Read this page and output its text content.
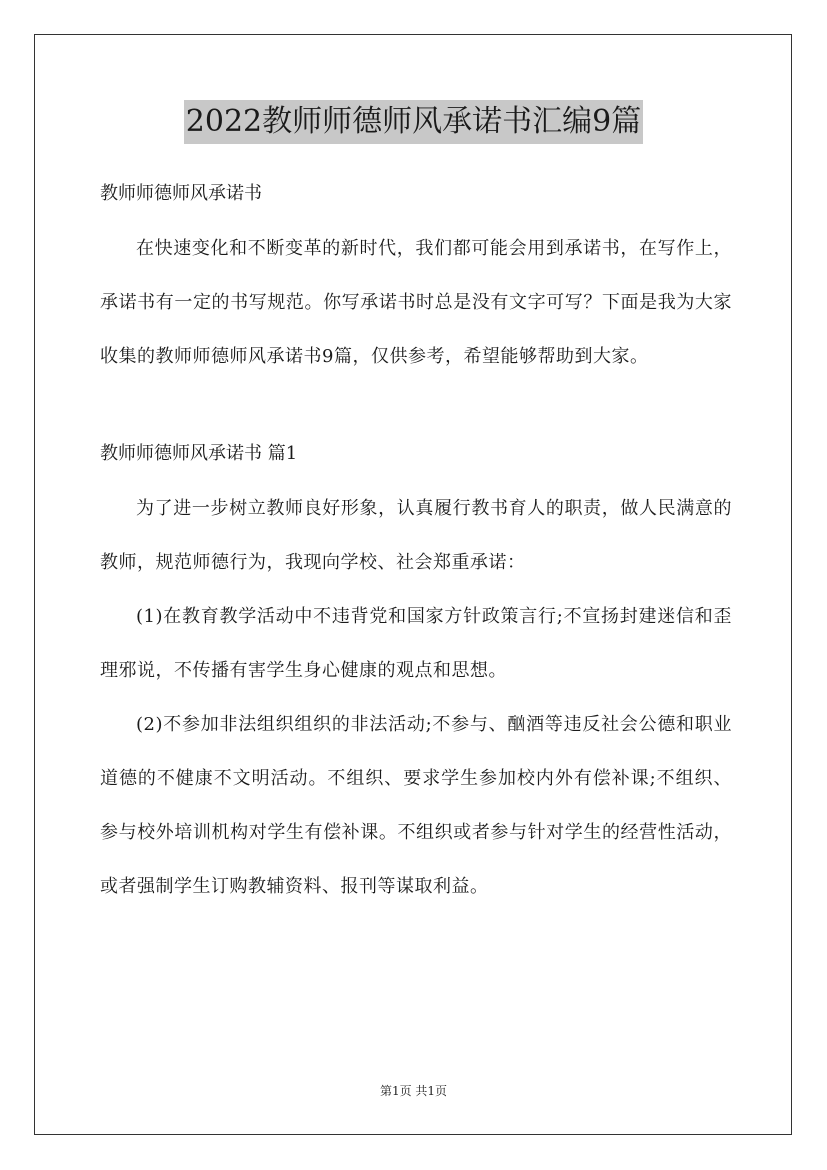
2022教师师德师风承诺书汇编9篇

教师师德师风承诺书

在快速变化和不断变革的新时代，我们都可能会用到承诺书，在写作上，承诺书有一定的书写规范。你写承诺书时总是没有文字可写？下面是我为大家收集的教师师德师风承诺书9篇，仅供参考，希望能够帮助到大家。

教师师德师风承诺书 篇1

为了进一步树立教师良好形象，认真履行教书育人的职责，做人民满意的教师，规范师德行为，我现向学校、社会郑重承诺：

(1)在教育教学活动中不违背党和国家方针政策言行;不宣扬封建迷信和歪理邪说，不传播有害学生身心健康的观点和思想。

(2)不参加非法组织组织的非法活动;不参与、酗酒等违反社会公德和职业道德的不健康不文明活动。不组织、要求学生参加校内外有偿补课;不组织、参与校外培训机构对学生有偿补课。不组织或者参与针对学生的经营性活动，或者强制学生订购教辅资料、报刊等谋取利益。

第1页 共1页
